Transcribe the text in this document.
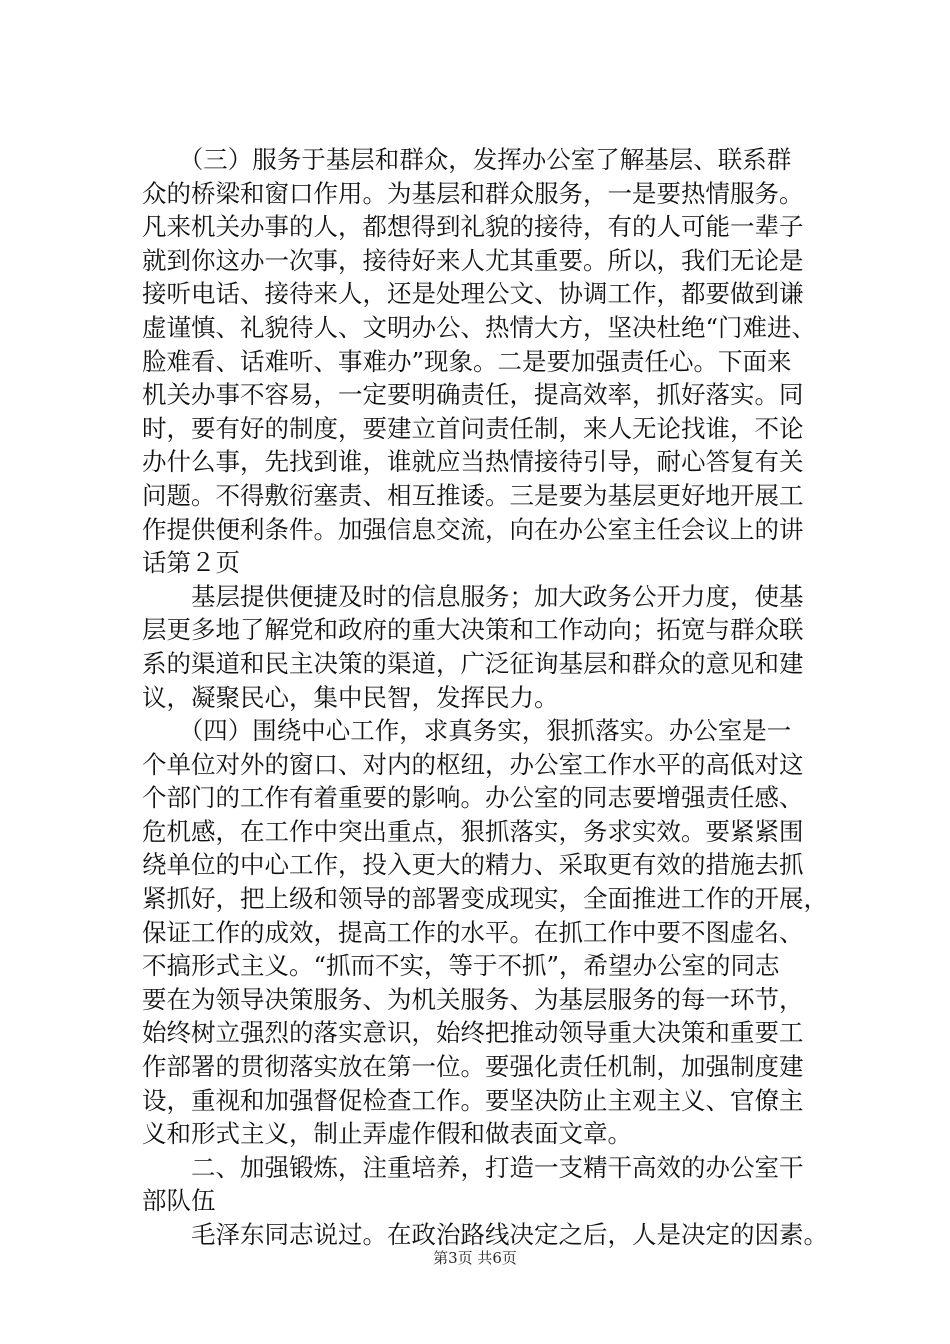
　　（三）服务于基层和群众，发挥办公室了解基层、联系群
众的桥梁和窗口作用。为基层和群众服务，一是要热情服务。
凡来机关办事的人，都想得到礼貌的接待，有的人可能一辈子
就到你这办一次事，接待好来人尤其重要。所以，我们无论是
接听电话、接待来人，还是处理公文、协调工作，都要做到谦
虚谨慎、礼貌待人、文明办公、热情大方，坚决杜绝“门难进、
脸难看、话难听、事难办”现象。二是要加强责任心。下面来
机关办事不容易，一定要明确责任，提高效率，抓好落实。同
时，要有好的制度，要建立首问责任制，来人无论找谁，不论
办什么事，先找到谁，谁就应当热情接待引导，耐心答复有关
问题。不得敷衍塞责、相互推诿。三是要为基层更好地开展工
作提供便利条件。加强信息交流，向在办公室主任会议上的讲
话第２页
　　基层提供便捷及时的信息服务；加大政务公开力度，使基
层更多地了解党和政府的重大决策和工作动向；拓宽与群众联
系的渠道和民主决策的渠道，广泛征询基层和群众的意见和建
议，凝聚民心，集中民智，发挥民力。
　　（四）围绕中心工作，求真务实，狠抓落实。办公室是一
个单位对外的窗口、对内的枢纽，办公室工作水平的高低对这
个部门的工作有着重要的影响。办公室的同志要增强责任感、
危机感，在工作中突出重点，狠抓落实，务求实效。要紧紧围
绕单位的中心工作，投入更大的精力、采取更有效的措施去抓
紧抓好，把上级和领导的部署变成现实，全面推进工作的开展，
保证工作的成效，提高工作的水平。在抓工作中要不图虚名、
不搞形式主义。“抓而不实，等于不抓”，希望办公室的同志
要在为领导决策服务、为机关服务、为基层服务的每一环节，
始终树立强烈的落实意识，始终把推动领导重大决策和重要工
作部署的贯彻落实放在第一位。要强化责任机制，加强制度建
设，重视和加强督促检查工作。要坚决防止主观主义、官僚主
义和形式主义，制止弄虚作假和做表面文章。
　　二、加强锻炼，注重培养，打造一支精干高效的办公室干
部队伍
　　毛泽东同志说过。在政治路线决定之后，人是决定的因素。
第3页 共6页
